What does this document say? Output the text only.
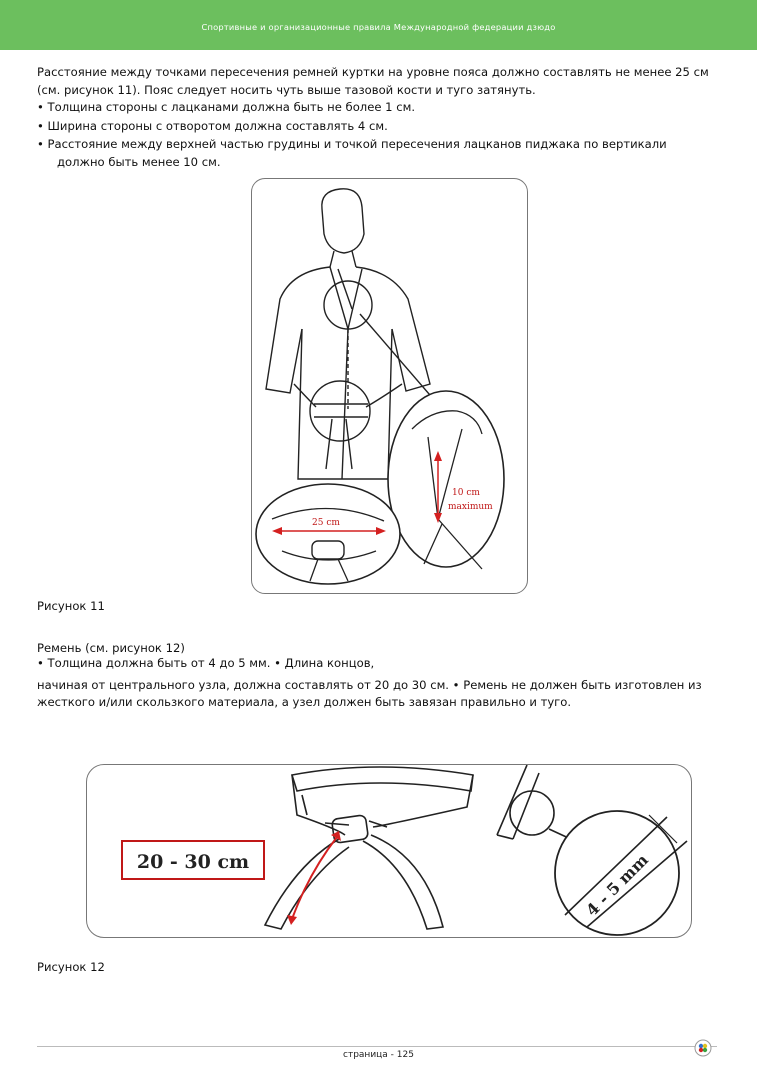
Спортивные и организационные правила Международной федерации дзюдо
Расстояние между точками пересечения ремней куртки на уровне пояса должно составлять не менее 25 см
(см. рисунок 11). Пояс следует носить чуть выше тазовой кости и туго затянуть.
• Толщина стороны с лацканами должна быть не более 1 см.
• Ширина стороны с отворотом должна составлять 4 см.
• Расстояние между верхней частью грудины и точкой пересечения лацканов пиджака по вертикали
должно быть менее 10 см.
10 cm
maximum
25 cm
Рисунок 11
Ремень (см. рисунок 12)
• Толщина должна быть от 4 до 5 мм. • Длина концов,
начиная от центрального узла, должна составлять от 20 до 30 см. • Ремень не должен быть изготовлен из
жесткого и/или скользкого материала, а узел должен быть завязан правильно и туго.
20 - 30 cm	4 - 5 mm
Рисунок 12
страница - 125
